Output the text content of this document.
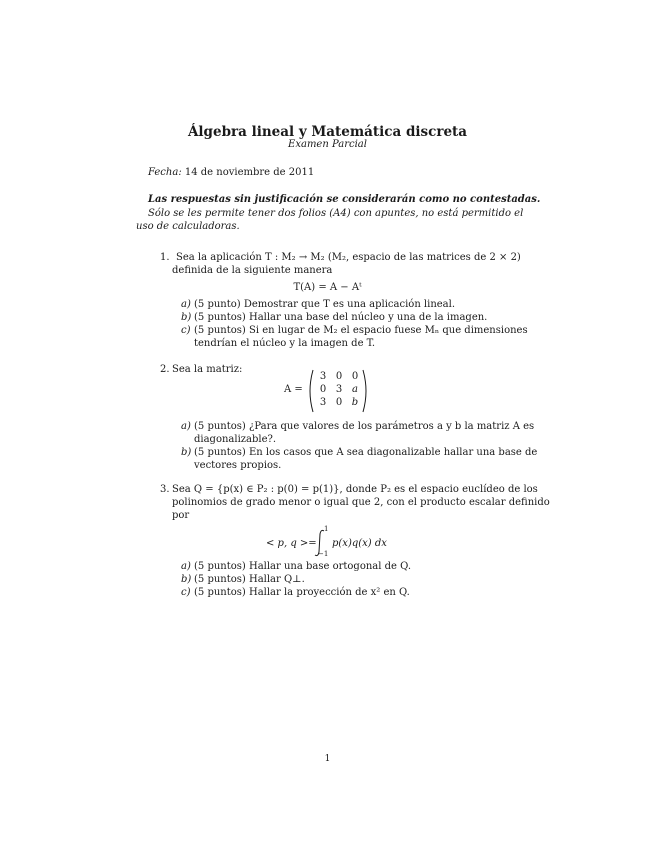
Álgebra lineal y Matemática discreta
Examen Parcial
Fecha: 14 de noviembre de 2011
Las respuestas sin justificación se considerarán como no contestadas.
Sólo se les permite tener dos folios (A4) con apuntes, no está permitido el uso de calculadoras.
1. Sea la aplicación T : M₂ → M₂ (M₂, espacio de las matrices de 2 × 2)
definida de la siguiente manera
T(A) = A − Aᵗ
a) (5 punto) Demostrar que T es una aplicación lineal.
b) (5 puntos) Hallar una base del núcleo y una de la imagen.
c) (5 puntos) Si en lugar de M₂ el espacio fuese Mₙ que dimensiones
tendrían el núcleo y la imagen de T.
2. Sea la matriz:
A =
3 0 0
0 3 a
3 0 b
a) (5 puntos) ¿Para que valores de los parámetros a y b la matriz A es
diagonalizable?.
b) (5 puntos) En los casos que A sea diagonalizable hallar una base de
vectores propios.
3. Sea Q = {p(x) ∈ P₂ : p(0) = p(1)}, donde P₂ es el espacio euclídeo de los
polinomios de grado menor o igual que 2, con el producto escalar definido
por
< p, q >=
1
−1
p(x)q(x) dx
a) (5 puntos) Hallar una base ortogonal de Q.
b) (5 puntos) Hallar Q⊥.
c) (5 puntos) Hallar la proyección de x² en Q.
1
